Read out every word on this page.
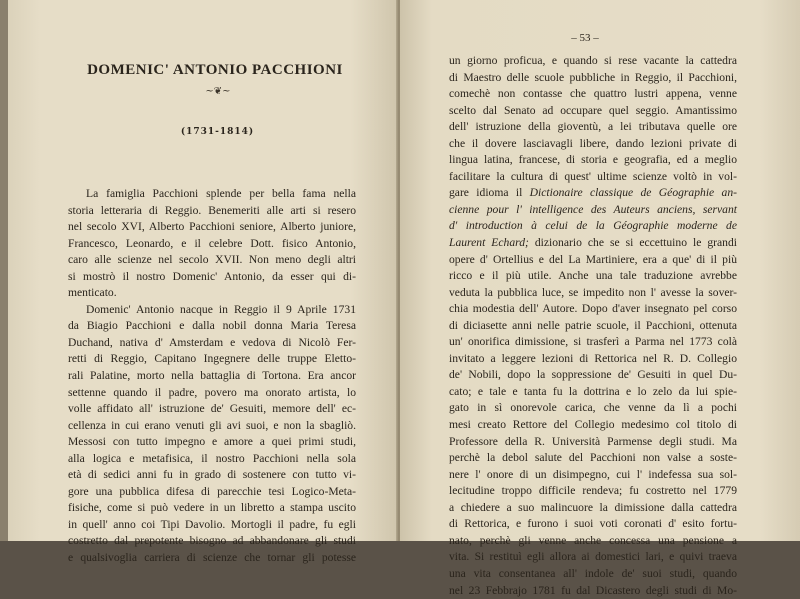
DOMENIC' ANTONIO PACCHIONI
~❦~
(1731-1814)
La famiglia Pacchioni splende per bella fama nella
storia letteraria di Reggio. Benemeriti alle arti si resero
nel secolo XVI, Alberto Pacchioni seniore, Alberto juniore,
Francesco, Leonardo, e il celebre Dott. fisico Antonio,
caro alle scienze nel secolo XVII. Non meno degli altri
si mostrò il nostro Domenic' Antonio, da esser qui di-
menticato.
Domenic' Antonio nacque in Reggio il 9 Aprile 1731
da Biagio Pacchioni e dalla nobil donna Maria Teresa
Duchand, nativa d' Amsterdam e vedova di Nicolò Fer-
retti di Reggio, Capitano Ingegnere delle truppe Eletto-
rali Palatine, morto nella battaglia di Tortona. Era ancor
settenne quando il padre, povero ma onorato artista, lo
volle affidato all' istruzione de' Gesuiti, memore dell' ec-
cellenza in cui erano venuti gli avi suoi, e non la sbagliò.
Messosi con tutto impegno e amore a quei primi studi,
alla logica e metafisica, il nostro Pacchioni nella sola
età di sedici anni fu in grado di sostenere con tutto vi-
gore una pubblica difesa di parecchie tesi Logico-Meta-
fisiche, come si può vedere in un libretto a stampa uscito
in quell' anno coi Tipi Davolio. Mortogli il padre, fu egli
costretto dal prepotente bisogno ad abbandonare gli studi
e qualsivoglia carriera di scienze che tornar gli potesse
– 53 –
un giorno proficua, e quando si rese vacante la cattedra
di Maestro delle scuole pubbliche in Reggio, il Pacchioni,
comechè non contasse che quattro lustri appena, venne
scelto dal Senato ad occupare quel seggio. Amantissimo
dell' istruzione della gioventù, a lei tributava quelle ore
che il dovere lasciavagli libere, dando lezioni private di
lingua latina, francese, di storia e geografia, ed a meglio
facilitare la cultura di quest' ultime scienze voltò in vol-
gare idioma il Dictionaire classique de Géographie an-
cienne pour l' intelligence des Auteurs anciens, servant
d' introduction à celui de la Géographie moderne de
Laurent Echard; dizionario che se si eccettuino le grandi
opere d' Ortellius e del La Martiniere, era a que' di il più
ricco e il più utile. Anche una tale traduzione avrebbe
veduta la pubblica luce, se impedito non l' avesse la sover-
chia modestia dell' Autore. Dopo d'aver insegnato pel corso
di diciasette anni nelle patrie scuole, il Pacchioni, ottenuta
un' onorifica dimissione, si trasferì a Parma nel 1773 colà
invitato a leggere lezioni di Rettorica nel R. D. Collegio
de' Nobili, dopo la soppressione de' Gesuiti in quel Du-
cato; e tale e tanta fu la dottrina e lo zelo da lui spie-
gato in sì onorevole carica, che venne da lì a pochi
mesi creato Rettore del Collegio medesimo col titolo di
Professore della R. Università Parmense degli studi. Ma
perchè la debol salute del Pacchioni non valse a soste-
nere l' onore di un disimpegno, cui l' indefessa sua sol-
lecitudine troppo difficile rendeva; fu costretto nel 1779
a chiedere a suo malincuore la dimissione dalla cattedra
di Rettorica, e furono i suoi voti coronati d' esito fortu-
nato, perchè gli venne anche concessa una pensione a
vita. Si restituì egli allora ai domestici lari, e quivi traeva
una vita consentanea all' indole de' suoi studi, quando
nel 23 Febbrajo 1781 fu dal Dicastero degli studi di Mo-
